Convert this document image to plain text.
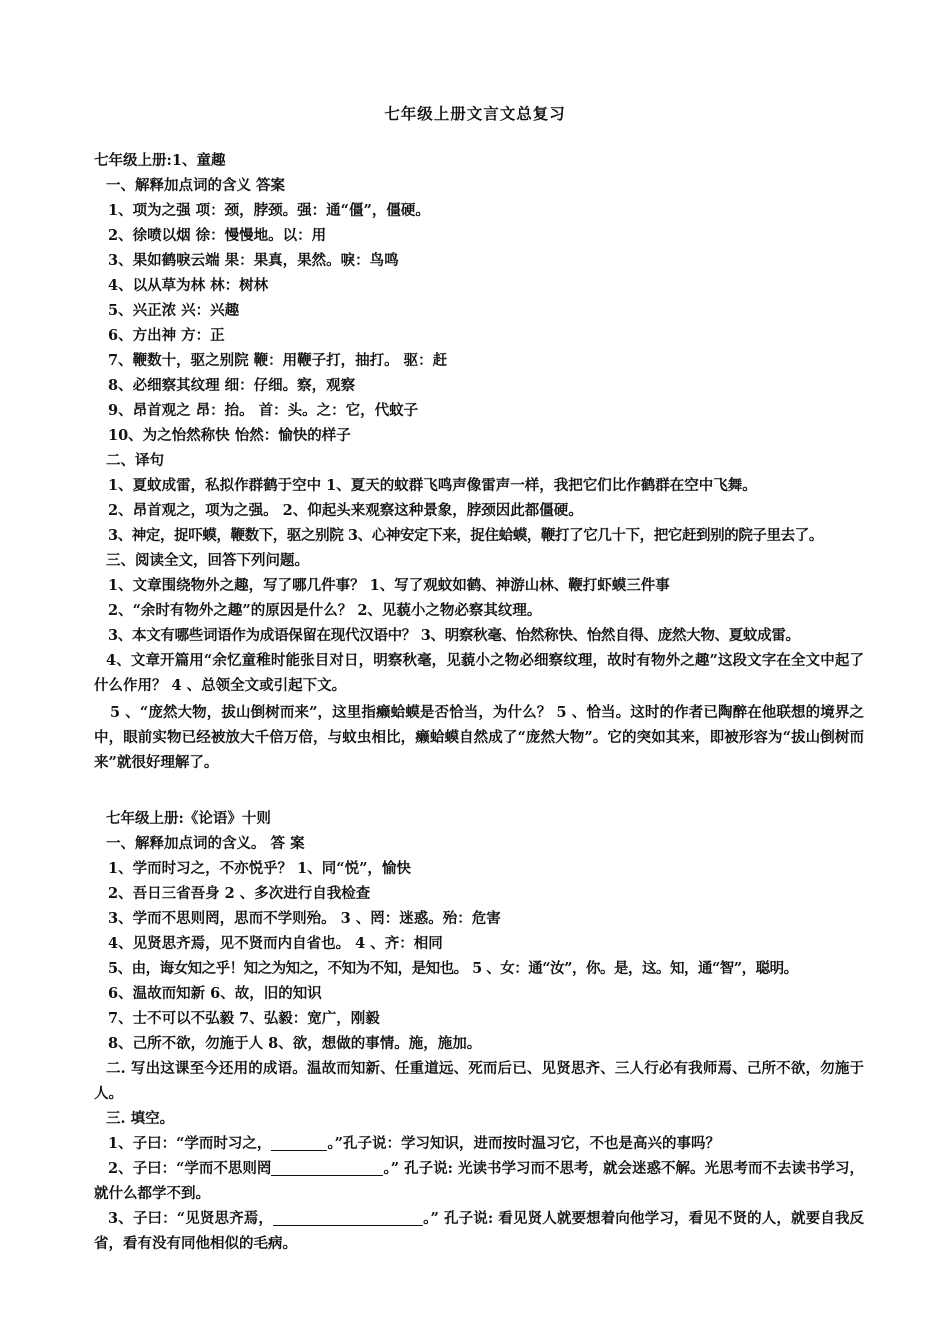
七年级上册文言文总复习
七年级上册:1、童趣
一、解释加点词的含义 答案
1、项为之强 项：颈，脖颈。强：通“僵”，僵硬。
2、徐喷以烟 徐：慢慢地。以：用
3、果如鹤唳云端 果：果真，果然。唳：鸟鸣
4、以从草为林 林：树林
5、兴正浓 兴：兴趣
6、方出神 方：正
7、鞭数十，驱之别院 鞭：用鞭子打，抽打。 驱：赶
8、必细察其纹理 细：仔细。察，观察
9、昂首观之 昂：抬。 首：头。之：它，代蚊子
10、为之怡然称快 怡然：愉快的样子
二、译句
1、夏蚊成雷，私拟作群鹤于空中 1、夏天的蚊群飞鸣声像雷声一样，我把它们比作鹤群在空中飞舞。
2、昂首观之，项为之强。 2、仰起头来观察这种景象，脖颈因此都僵硬。
3、神定，捉吓蟆，鞭数下，驱之别院 3、心神安定下来，捉住蛤蟆，鞭打了它几十下，把它赶到别的院子里去了。
三、阅读全文，回答下列问题。
1、文章围绕物外之趣，写了哪几件事？ 1、写了观蚊如鹤、神游山林、鞭打虾蟆三件事
2、“余时有物外之趣”的原因是什么？ 2、见藐小之物必察其纹理。
3、本文有哪些词语作为成语保留在现代汉语中？ 3、明察秋毫、怡然称快、怡然自得、庞然大物、夏蚊成雷。
4、文章开篇用“余忆童稚时能张目对日，明察秋毫，见藐小之物必细察纹理，故时有物外之趣”这段文字在全文中起了什么作用？ 4 、总领全文或引起下文。
5 、“庞然大物，拔山倒树而来”，这里指癞蛤蟆是否恰当，为什么？ 5 、恰当。这时的作者已陶醉在他联想的境界之中，眼前实物已经被放大千倍万倍，与蚊虫相比，癞蛤蟆自然成了“庞然大物”。它的突如其来，即被形容为“拔山倒树而来”就很好理解了。
七年级上册:《论语》十则
一、解释加点词的含义。 答 案
1、学而时习之，不亦悦乎？ 1、同“悦”，愉快
2、吾日三省吾身 2 、多次进行自我检查
3、学而不思则罔，思而不学则殆。 3 、罔：迷惑。殆：危害
4、见贤思齐焉，见不贤而内自省也。 4 、齐：相同
5、由，诲女知之乎！知之为知之，不知为不知，是知也。 5 、女：通“汝”，你。是，这。知，通“智”，聪明。
6、温故而知新 6、故，旧的知识
7、士不可以不弘毅 7、弘毅：宽广，刚毅
8、己所不欲，勿施于人 8、欲，想做的事情。施，施加。
二. 写出这课至今还用的成语。温故而知新、任重道远、死而后已、见贤思齐、三人行必有我师焉、己所不欲，勿施于人。
三. 填空。
1、子曰：“学而时习之，	。”孔子说：学习知识，进而按时温习它，不也是高兴的事吗？
2、子曰：“学而不思则罔	。” 孔子说: 光读书学习而不思考，就会迷惑不解。光思考而不去读书学习，就什么都学不到。
3、子曰：“见贤思齐焉，	。” 孔子说: 看见贤人就要想着向他学习，看见不贤的人，就要自我反省，看有没有同他相似的毛病。
